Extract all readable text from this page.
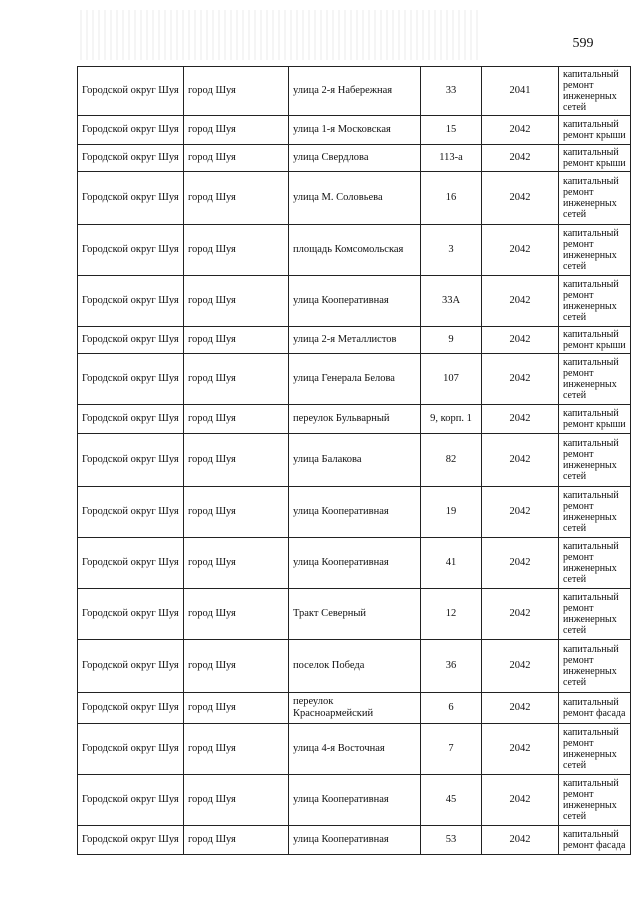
599
Городской округ Шуя	город Шуя	улица 2-я Набережная	33	2041	капитальный ремонт инженерных сетей
Городской округ Шуя	город Шуя	улица 1-я Московская	15	2042	капитальный ремонт крыши
Городской округ Шуя	город Шуя	улица Свердлова	113-а	2042	капитальный ремонт крыши
Городской округ Шуя	город Шуя	улица М. Соловьева	16	2042	капитальный ремонт инженерных сетей
Городской округ Шуя	город Шуя	площадь Комсомольская	3	2042	капитальный ремонт инженерных сетей
Городской округ Шуя	город Шуя	улица Кооперативная	33А	2042	капитальный ремонт инженерных сетей
Городской округ Шуя	город Шуя	улица 2-я Металлистов	9	2042	капитальный ремонт крыши
Городской округ Шуя	город Шуя	улица Генерала Белова	107	2042	капитальный ремонт инженерных сетей
Городской округ Шуя	город Шуя	переулок Бульварный	9, корп. 1	2042	капитальный ремонт крыши
Городской округ Шуя	город Шуя	улица Балакова	82	2042	капитальный ремонт инженерных сетей
Городской округ Шуя	город Шуя	улица Кооперативная	19	2042	капитальный ремонт инженерных сетей
Городской округ Шуя	город Шуя	улица Кооперативная	41	2042	капитальный ремонт инженерных сетей
Городской округ Шуя	город Шуя	Тракт Северный	12	2042	капитальный ремонт инженерных сетей
Городской округ Шуя	город Шуя	поселок Победа	36	2042	капитальный ремонт инженерных сетей
Городской округ Шуя	город Шуя	переулок Красноармейский	6	2042	капитальный ремонт фасада
Городской округ Шуя	город Шуя	улица 4-я Восточная	7	2042	капитальный ремонт инженерных сетей
Городской округ Шуя	город Шуя	улица Кооперативная	45	2042	капитальный ремонт инженерных сетей
Городской округ Шуя	город Шуя	улица Кооперативная	53	2042	капитальный ремонт фасада
